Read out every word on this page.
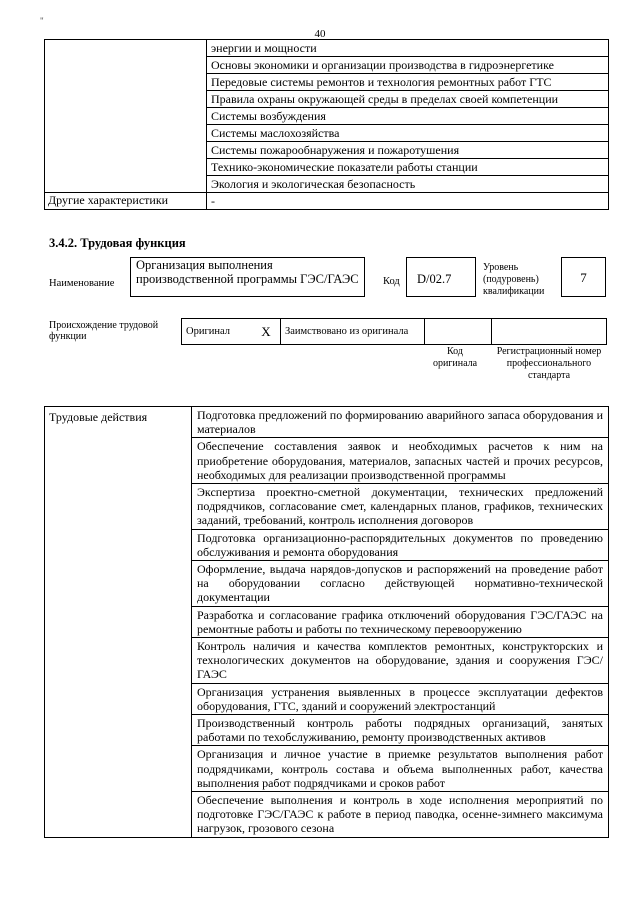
"
40
	энергии и мощности
	Основы экономики и организации производства в гидроэнергетике
	Передовые системы ремонтов и технология ремонтных работ ГТС
	Правила охраны окружающей среды в пределах своей компетенции
	Системы возбуждения
	Системы маслохозяйства
	Системы пожарообнаружения и пожаротушения
	Технико-экономические показатели работы станции
	Экология и экологическая безопасность
Другие характеристики	-
3.4.2. Трудовая функция
Наименование
Организация выполнения производственной программы ГЭС/ГАЭС	Код	D/02.7
Уровень (подуровень) квалификации
7
Происхождение трудовой функции	Оригинал	X	Заимствовано из оригинала		
Код оригинала
Регистрационный номер профессионального стандарта
Трудовые действия	Подготовка предложений по формированию аварийного запаса оборудования и материалов
Обеспечение составления заявок и необходимых расчетов к ним на приобретение оборудования, материалов, запасных частей и прочих ресурсов, необходимых для реализации производственной программы
Экспертиза проектно-сметной документации, технических предложений подрядчиков, согласование смет, календарных планов, графиков, технических заданий, требований, контроль исполнения договоров
Подготовка организационно-распорядительных документов по проведению обслуживания и ремонта оборудования
Оформление, выдача нарядов-допусков и распоряжений на проведение работ на оборудовании согласно действующей нормативно-технической документации
Разработка и согласование графика отключений оборудования ГЭС/ГАЭС на ремонтные работы и работы по техническому перевооружению
Контроль наличия и качества комплектов ремонтных, конструкторских и технологических документов на оборудование, здания и сооружения ГЭС/ГАЭС
Организация устранения выявленных в процессе эксплуатации дефектов оборудования, ГТС, зданий и сооружений электростанций
Производственный контроль работы подрядных организаций, занятых работами по техобслуживанию, ремонту производственных активов
Организация и личное участие в приемке результатов выполнения работ подрядчиками, контроль состава и объема выполненных работ, качества выполнения работ подрядчиками и сроков работ
Обеспечение выполнения и контроль в ходе исполнения мероприятий по подготовке ГЭС/ГАЭС к работе в период паводка, осенне-зимнего максимума нагрузок, грозового сезона
